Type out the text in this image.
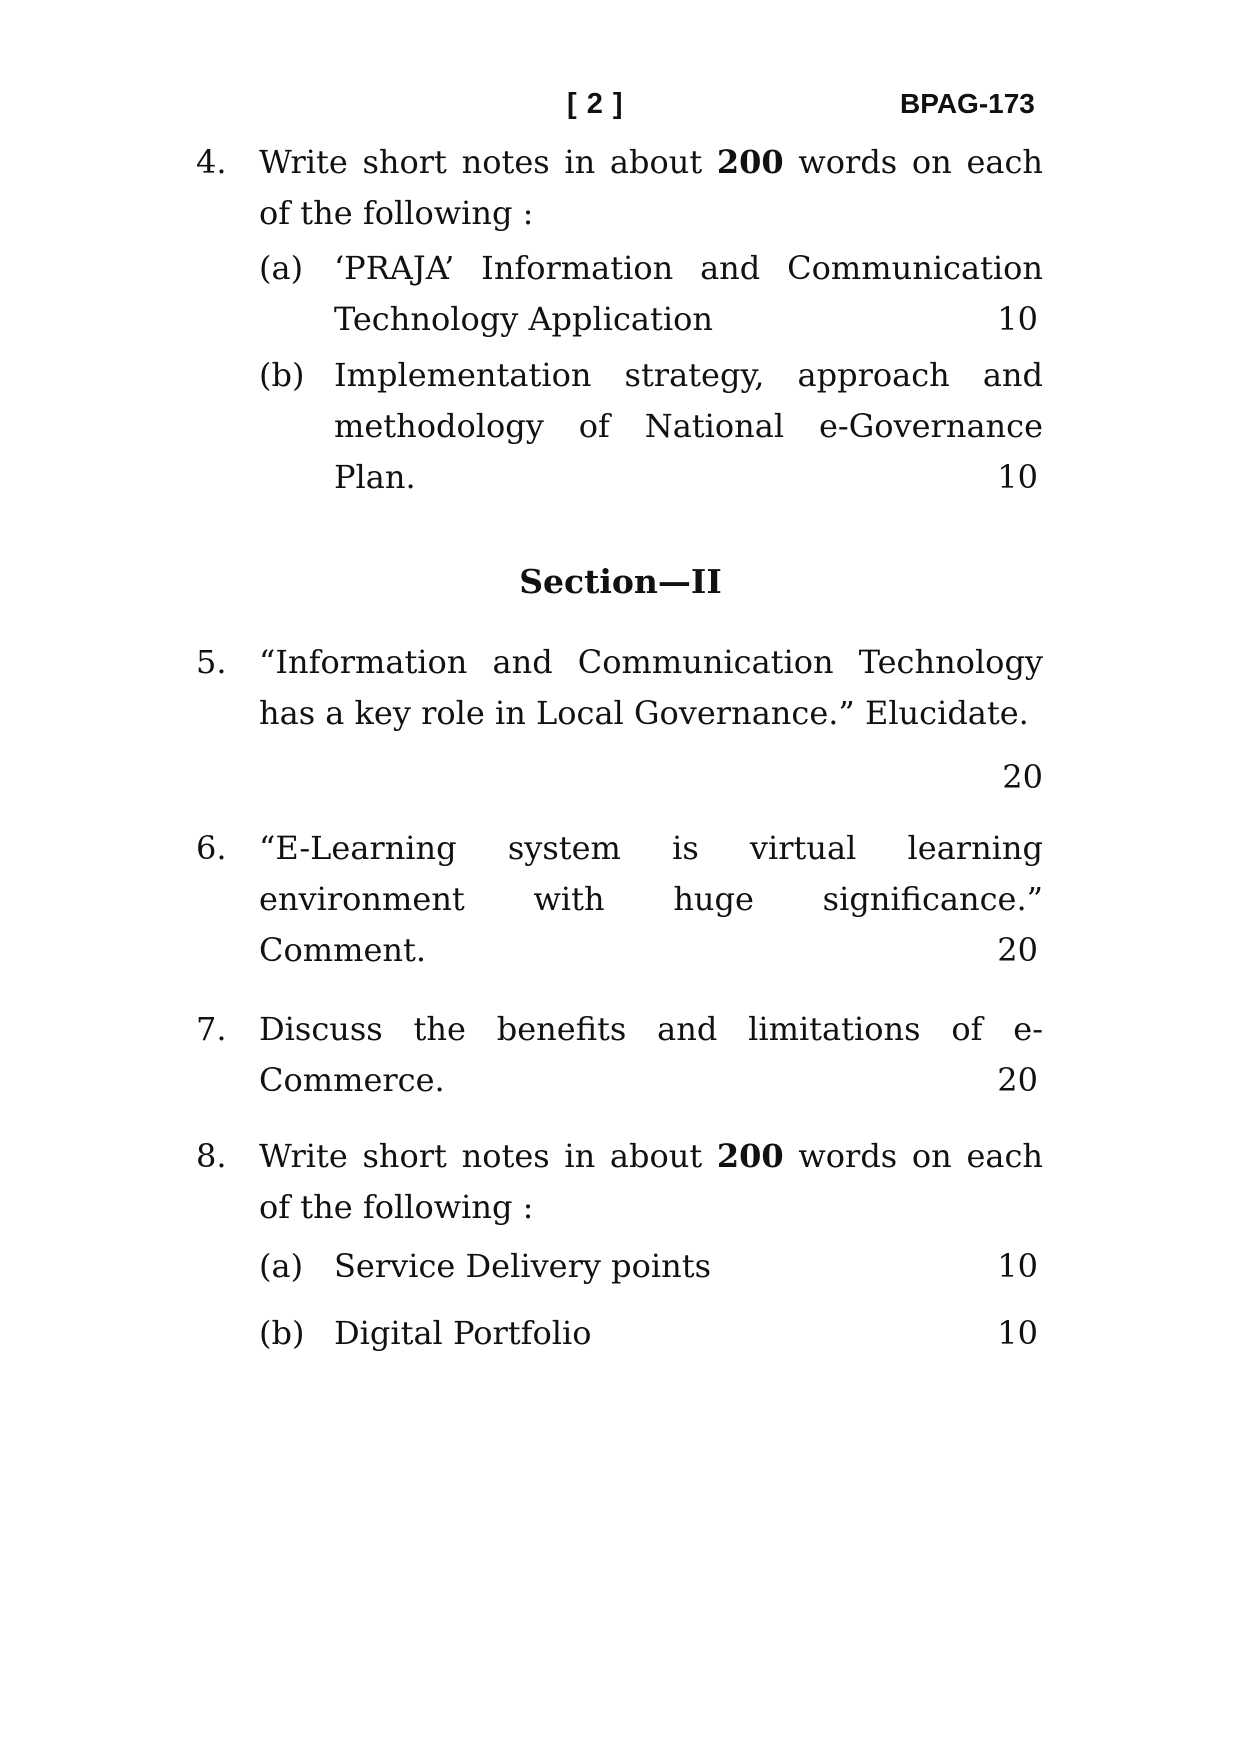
[ 2 ]	BPAG-173
4.	Write short notes in about 200 words on each of the following :
(a) ‘PRAJA’ Information and Communication Technology Application	10
(b) Implementation strategy, approach and methodology of National e-Governance Plan.	10
Section—II
5.	“Information and Communication Technology has a key role in Local Governance.” Elucidate.
20
6.	“E-Learning system is virtual learning environment with huge significance.” Comment.	20
7.	Discuss the benefits and limitations of e-Commerce.	20
8.	Write short notes in about 200 words on each of the following :
(a) Service Delivery points	10
(b) Digital Portfolio	10
